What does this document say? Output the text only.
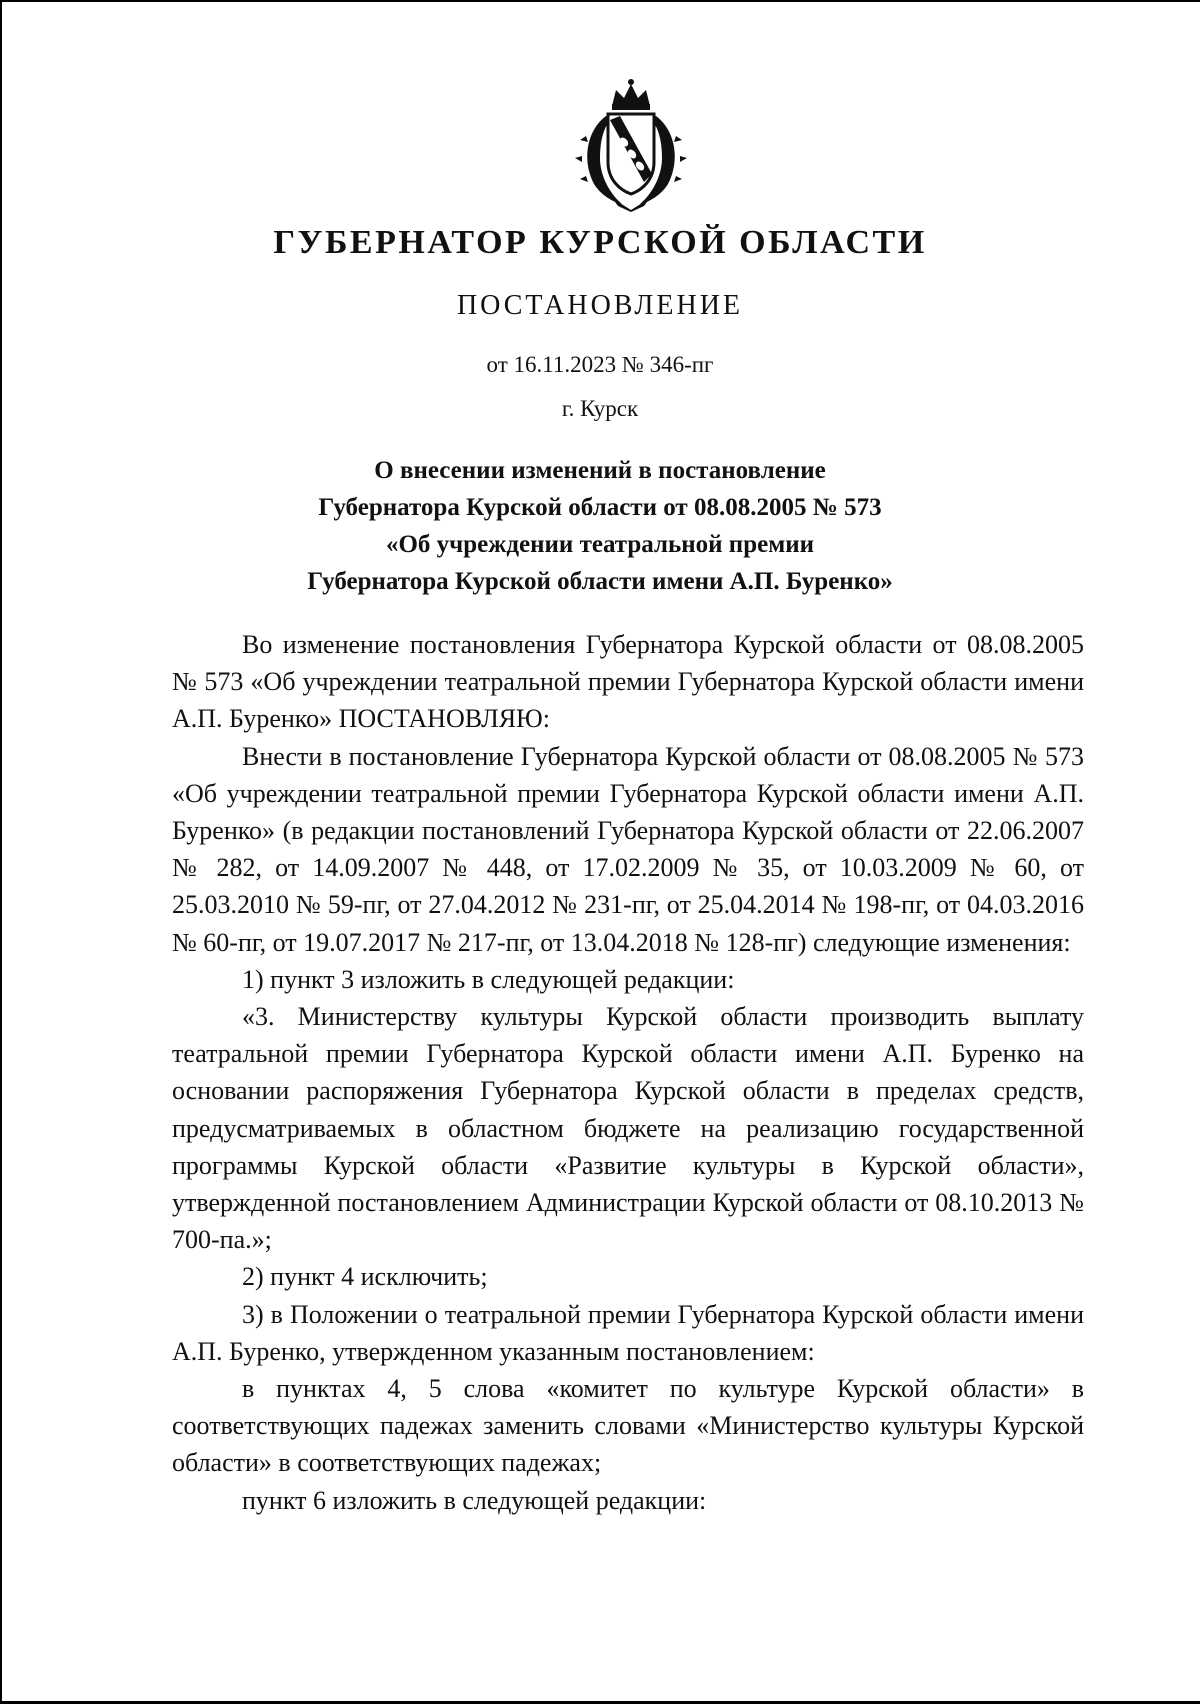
ГУБЕРНАТОР КУРСКОЙ ОБЛАСТИ
ПОСТАНОВЛЕНИЕ
от 16.11.2023 № 346-пг
г. Курск
О внесении изменений в постановление
Губернатора Курской области от 08.08.2005 № 573
«Об учреждении театральной премии
Губернатора Курской области имени А.П. Буренко»

Во изменение постановления Губернатора Курской области от 08.08.2005 № 573 «Об учреждении театральной премии Губернатора Курской области имени А.П. Буренко» ПОСТАНОВЛЯЮ:

Внести в постановление Губернатора Курской области от 08.08.2005 № 573 «Об учреждении театральной премии Губернатора Курской области имени А.П. Буренко» (в редакции постановлений Губернатора Курской области от 22.06.2007 № 282, от 14.09.2007 № 448, от 17.02.2009 № 35, от 10.03.2009 № 60, от 25.03.2010 № 59-пг, от 27.04.2012 № 231-пг, от 25.04.2014 № 198-пг, от 04.03.2016 № 60-пг, от 19.07.2017 № 217-пг, от 13.04.2018 № 128-пг) следующие изменения:

1) пункт 3 изложить в следующей редакции:

«3. Министерству культуры Курской области производить выплату театральной премии Губернатора Курской области имени А.П. Буренко на основании распоряжения Губернатора Курской области в пределах средств, предусматриваемых в областном бюджете на реализацию государственной программы Курской области «Развитие культуры в Курской области», утвержденной постановлением Администрации Курской области от 08.10.2013 № 700-па.»;

2) пункт 4 исключить;

3) в Положении о театральной премии Губернатора Курской области имени А.П. Буренко, утвержденном указанным постановлением:

в пунктах 4, 5 слова «комитет по культуре Курской области» в соответствующих падежах заменить словами «Министерство культуры Курской области» в соответствующих падежах;

пункт 6 изложить в следующей редакции:
